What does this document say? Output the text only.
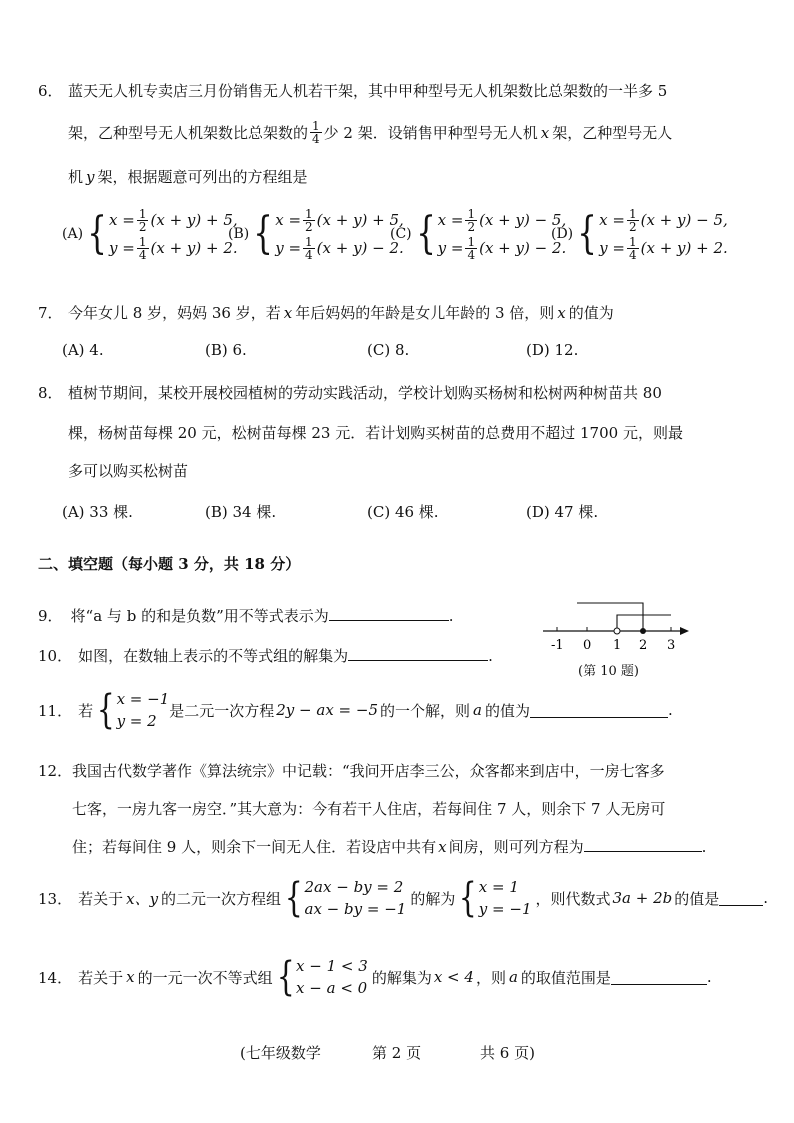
6． 蓝天无人机专卖店三月份销售无人机若干架，其中甲种型号无人机架数比总架数的一半多 5
架，乙种型号无人机架数比总架数的 $\frac{1}{4}$ 少 2 架．设销售甲种型号无人机 x 架，乙种型号无人
机 y 架，根据题意可列出的方程组是
(A) { $x = \frac{1}{2} (x + y) + 5$,
$y = \frac{1}{4} (x + y) + 2$.
(B) { $x = \frac{1}{2} (x + y) + 5$,
$y = \frac{1}{4} (x + y) - 2$.
(C) { $x = \frac{1}{2} (x + y) - 5$,
$y = \frac{1}{4} (x + y) - 2$.
(D) { $x = \frac{1}{2} (x + y) - 5$,
$y = \frac{1}{4} (x + y) + 2$.
7． 今年女儿 8 岁，妈妈 36 岁，若 x 年后妈妈的年龄是女儿年龄的 3 倍，则 x 的值为
(A) 4.	(B) 6.	(C) 8.	(D) 12.
8． 植树节期间，某校开展校园植树的劳动实践活动，学校计划购买杨树和松树两种树苗共 80
棵，杨树苗每棵 20 元，松树苗每棵 23 元．若计划购买树苗的总费用不超过 1700 元，则最
多可以购买松树苗
(A) 33 棵.	(B) 34 棵.	(C) 46 棵.	(D) 47 棵.
二、填空题（每小题 3 分，共 18 分）
9． 将“a 与 b 的和是负数”用不等式表示为	.
10． 如图，在数轴上表示的不等式组的解集为	.
-1 0 1 2 3
(第 10 题)
11． 若 { x = −1
y = 2
是二元一次方程 2y − ax = −5 的一个解，则 a 的值为	.
12． 我国古代数学著作《算法统宗》中记载：“我问开店李三公，众客都来到店中，一房七客多
七客，一房九客一房空．”其大意为：今有若干人住店，若每间住 7 人，则余下 7 人无房可
住；若每间住 9 人，则余下一间无人住．若设店中共有 x 间房，则可列方程为	.
13． 若关于 x、y 的二元一次方程组 { 2ax − by = 2
ax − by = −1
的解为 { x = 1
y = −1
，则代数式 3a + 2b 的值是	.
14． 若关于 x 的一元一次不等式组 { x − 1 < 3
x − a < 0
的解集为 x < 4 ，则 a 的取值范围是	.
(七年级数学	第 2 页	共 6 页)
